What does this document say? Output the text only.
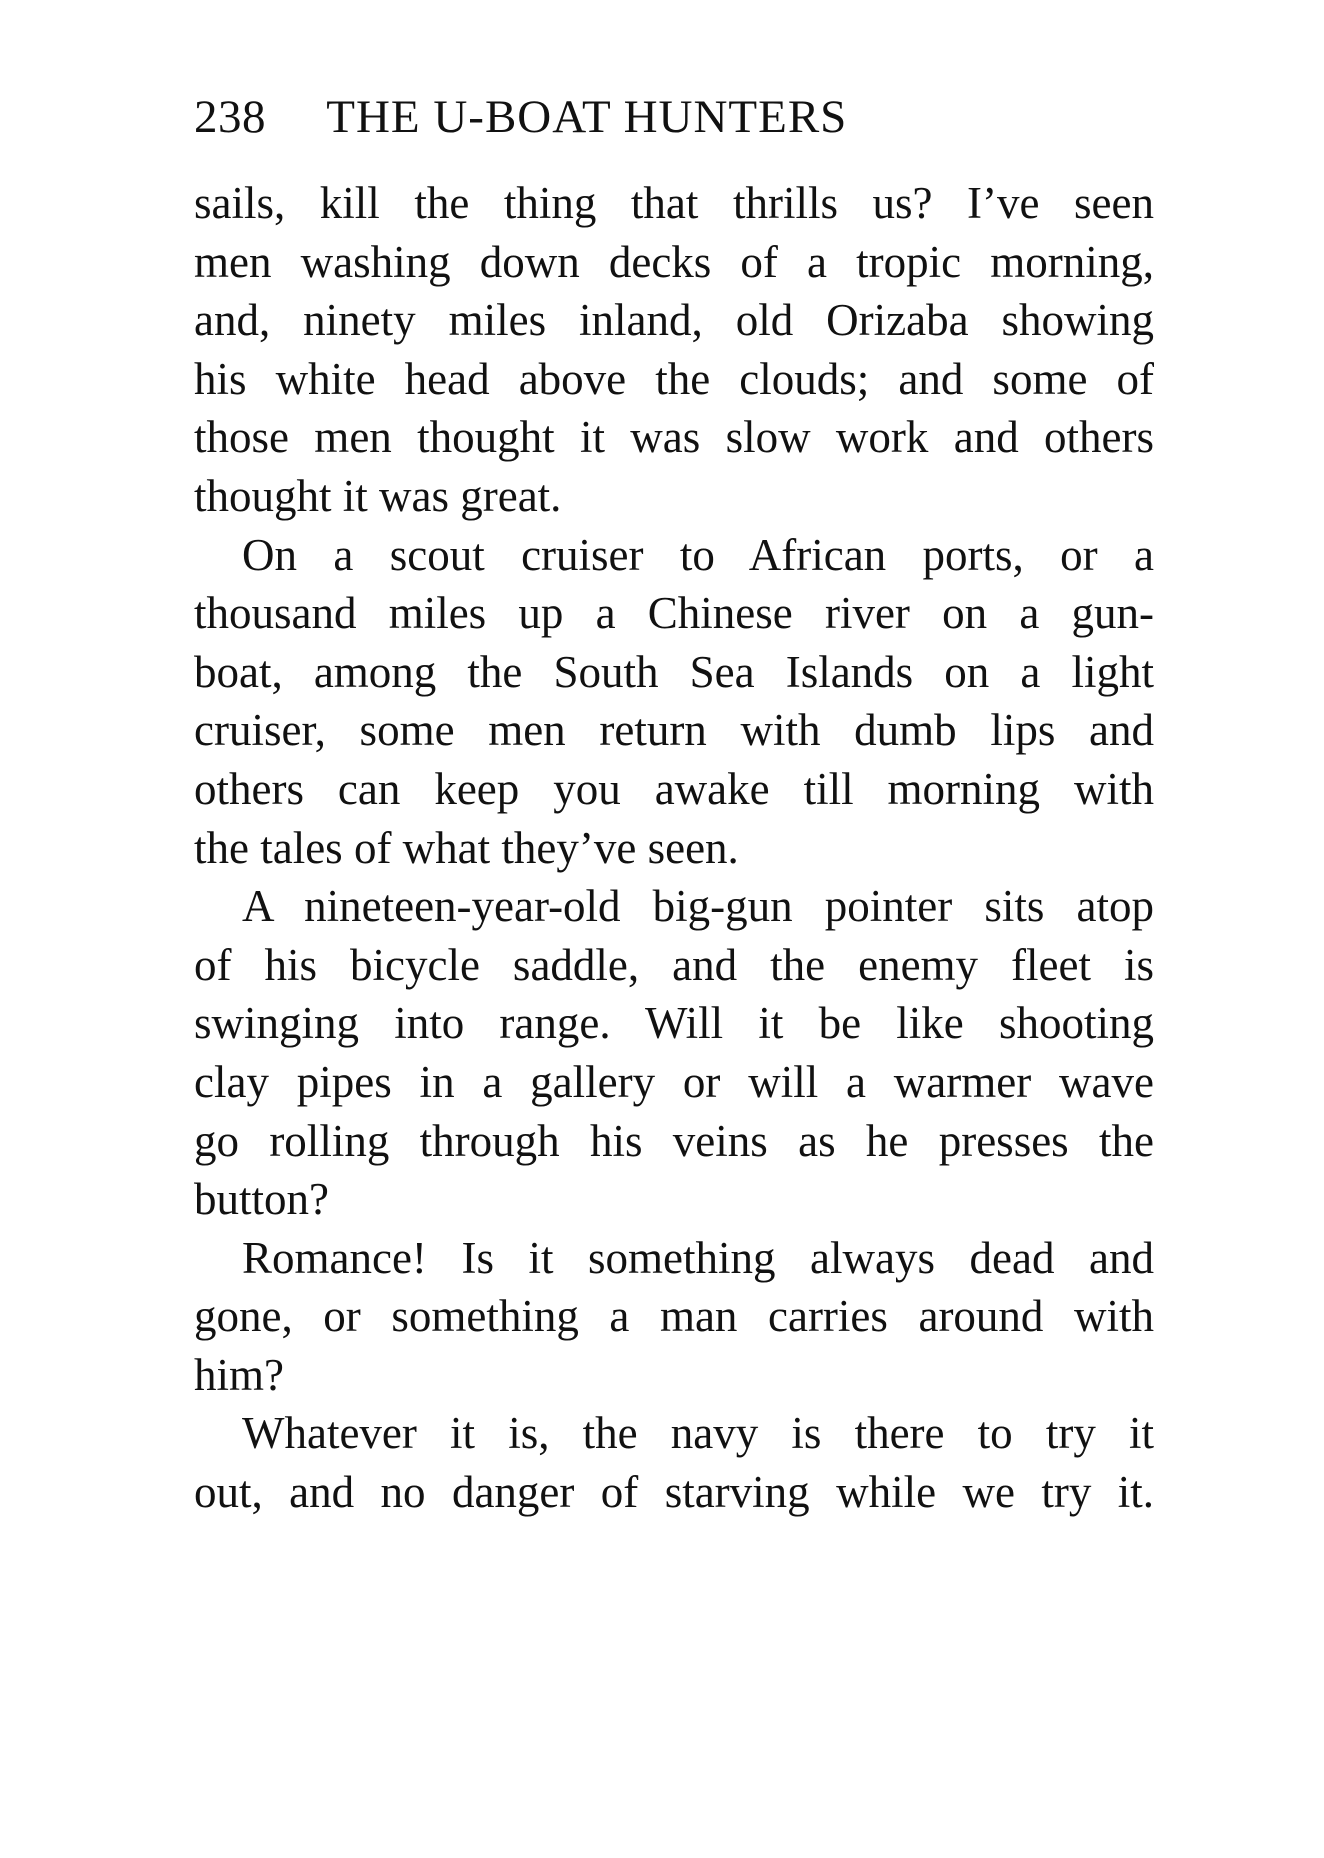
238 THE U-BOAT HUNTERS
sails, kill the thing that thrills us? I’ve seen
men washing down decks of a tropic morning,
and, ninety miles inland, old Orizaba showing
his white head above the clouds; and some of
those men thought it was slow work and others
thought it was great.
On a scout cruiser to African ports, or a
thousand miles up a Chinese river on a gun-
boat, among the South Sea Islands on a light
cruiser, some men return with dumb lips and
others can keep you awake till morning with
the tales of what they’ve seen.
A nineteen-year-old big-gun pointer sits atop
of his bicycle saddle, and the enemy fleet is
swinging into range. Will it be like shooting
clay pipes in a gallery or will a warmer wave
go rolling through his veins as he presses the
button?
Romance! Is it something always dead and
gone, or something a man carries around with
him?
Whatever it is, the navy is there to try it
out, and no danger of starving while we try it.
